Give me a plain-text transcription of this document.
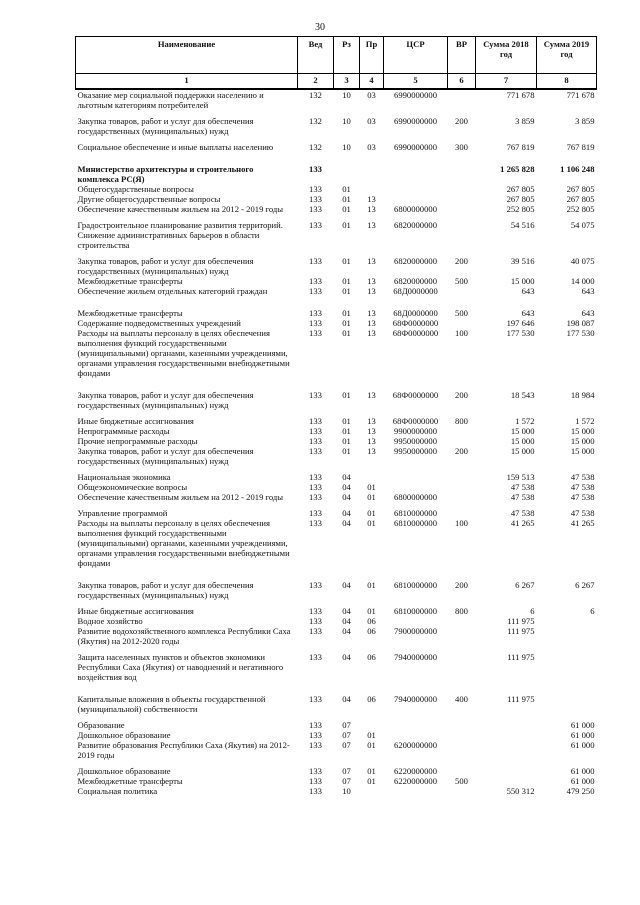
30
Наименование	Вед	Рз	Пр	ЦСР	ВР	Сумма 2018 год	Сумма 2019 год
1	2	3	4	5	6	7	8
Оказание мер социальной поддержки населению и льготным категориям потребителей	132	10	03	6990000000		771 678	771 678
Закупка товаров, работ и услуг для обеспечения государственных (муниципальных) нужд	132	10	03	6990000000	200	3 859	3 859
Социальное обеспечение и иные выплаты населению	132	10	03	6990000000	300	767 819	767 819
Министерство архитектуры и строительного комплекса РС(Я)	133					1 265 828	1 106 248
Общегосударственные вопросы	133	01				267 805	267 805
Другие общегосударственные вопросы	133	01	13			267 805	267 805
Обеспечение качественным жильем на 2012 - 2019 годы	133	01	13	6800000000		252 805	252 805
Градостроительное планирование развития территорий. Снижение административных барьеров в области строительства	133	01	13	6820000000		54 516	54 075
Закупка товаров, работ и услуг для обеспечения государственных (муниципальных) нужд	133	01	13	6820000000	200	39 516	40 075
Межбюджетные трансферты	133	01	13	6820000000	500	15 000	14 000
Обеспечение жильем отдельных категорий граждан	133	01	13	68Д0000000		643	643
Межбюджетные трансферты	133	01	13	68Д0000000	500	643	643
Содержание подведомственных учреждений	133	01	13	68Ф0000000		197 646	198 087
Расходы на выплаты персоналу в целях обеспечения выполнения функций государственными (муниципальными) органами, казенными учреждениями, органами управления государственными внебюджетными фондами	133	01	13	68Ф0000000	100	177 530	177 530
Закупка товаров, работ и услуг для обеспечения государственных (муниципальных) нужд	133	01	13	68Ф0000000	200	18 543	18 984
Иные бюджетные ассигнования	133	01	13	68Ф0000000	800	1 572	1 572
Непрограммные расходы	133	01	13	9900000000		15 000	15 000
Прочие непрограммные расходы	133	01	13	9950000000		15 000	15 000
Закупка товаров, работ и услуг для обеспечения государственных (муниципальных) нужд	133	01	13	9950000000	200	15 000	15 000
Национальная экономика	133	04				159 513	47 538
Общеэкономические вопросы	133	04	01			47 538	47 538
Обеспечение качественным жильем на 2012 - 2019 годы	133	04	01	6800000000		47 538	47 538
Управление программой	133	04	01	6810000000		47 538	47 538
Расходы на выплаты персоналу в целях обеспечения выполнения функций государственными (муниципальными) органами, казенными учреждениями, органами управления государственными внебюджетными фондами	133	04	01	6810000000	100	41 265	41 265
Закупка товаров, работ и услуг для обеспечения государственных (муниципальных) нужд	133	04	01	6810000000	200	6 267	6 267
Иные бюджетные ассигнования	133	04	01	6810000000	800	6	6
Водное хозяйство	133	04	06			111 975	
Развитие водохозяйственного комплекса Республики Саха (Якутия) на 2012-2020 годы	133	04	06	7900000000		111 975	
Защита населенных пунктов и объектов экономики Республики Саха (Якутия) от наводнений и негативного воздействия вод	133	04	06	7940000000		111 975	
Капитальные вложения в объекты государственной (муниципальной) собственности	133	04	06	7940000000	400	111 975	
Образование	133	07					61 000
Дошкольное образование	133	07	01				61 000
Развитие образования Республики Саха (Якутия) на 2012-2019 годы	133	07	01	6200000000			61 000
Дошкольное образование	133	07	01	6220000000			61 000
Межбюджетные трансферты	133	07	01	6220000000	500		61 000
Социальная политика	133	10				550 312	479 250
